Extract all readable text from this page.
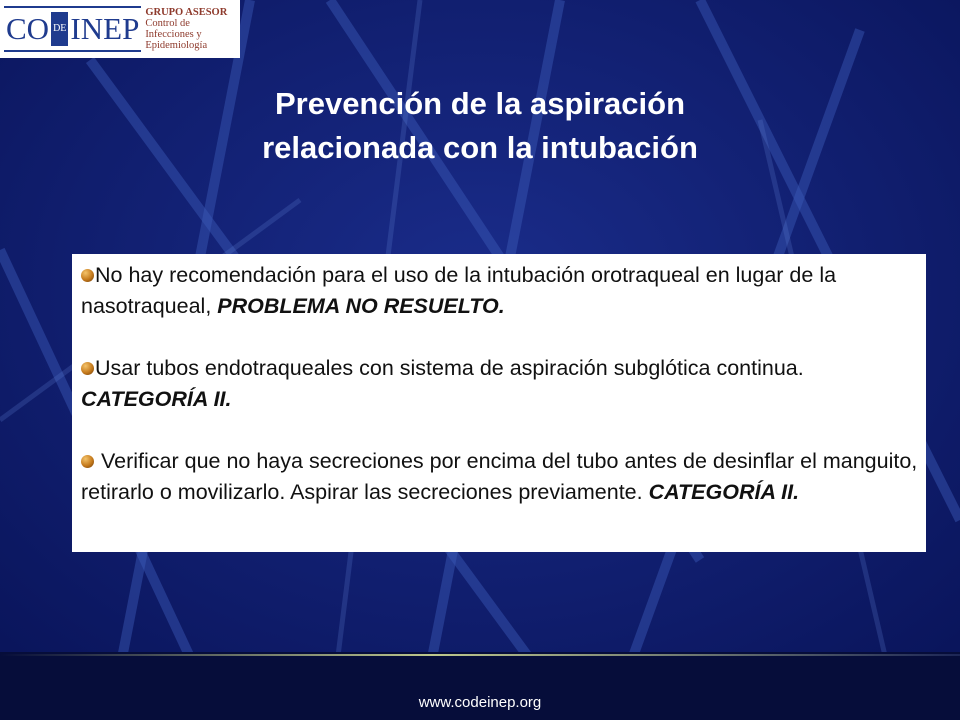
CO DE INEP GRUPO ASESOR
Control de
Infecciones y
Epidemiología
Prevención de la aspiración
relacionada con la intubación
No hay recomendación para el uso de la intubación orotraqueal en lugar de la nasotraqueal, PROBLEMA NO RESUELTO.
Usar tubos endotraqueales con sistema de aspiración subglótica continua. CATEGORÍA II.
Verificar que no haya secreciones por encima del tubo antes de desinflar el manguito, retirarlo o movilizarlo. Aspirar las secreciones previamente. CATEGORÍA II.
www.codeinep.org
